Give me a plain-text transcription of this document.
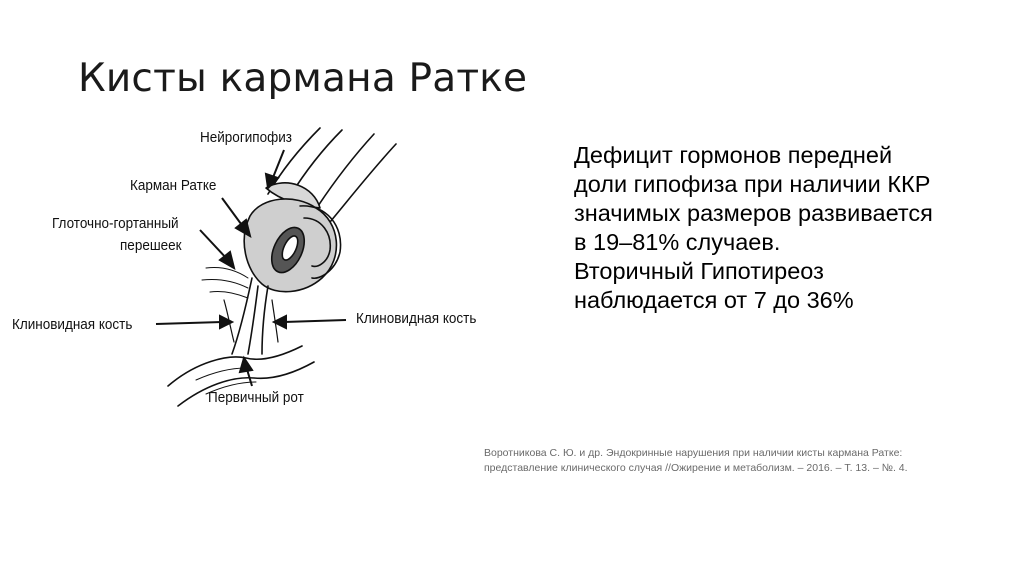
Кисты кармана Ратке
Нейрогипофиз
Карман Ратке
Глоточно-гортанный
перешеек
Клиновидная кость	Клиновидная кость
Первичный рот
Дефицит гормонов передней
доли гипофиза при наличии ККР
значимых размеров развивается
в 19–81% случаев.
Вторичный Гипотиреоз
наблюдается от 7 до 36%
Воротникова С. Ю. и др. Эндокринные нарушения при наличии кисты кармана Ратке:
представление клинического случая //Ожирение и метаболизм. – 2016. – Т. 13. – №. 4.
